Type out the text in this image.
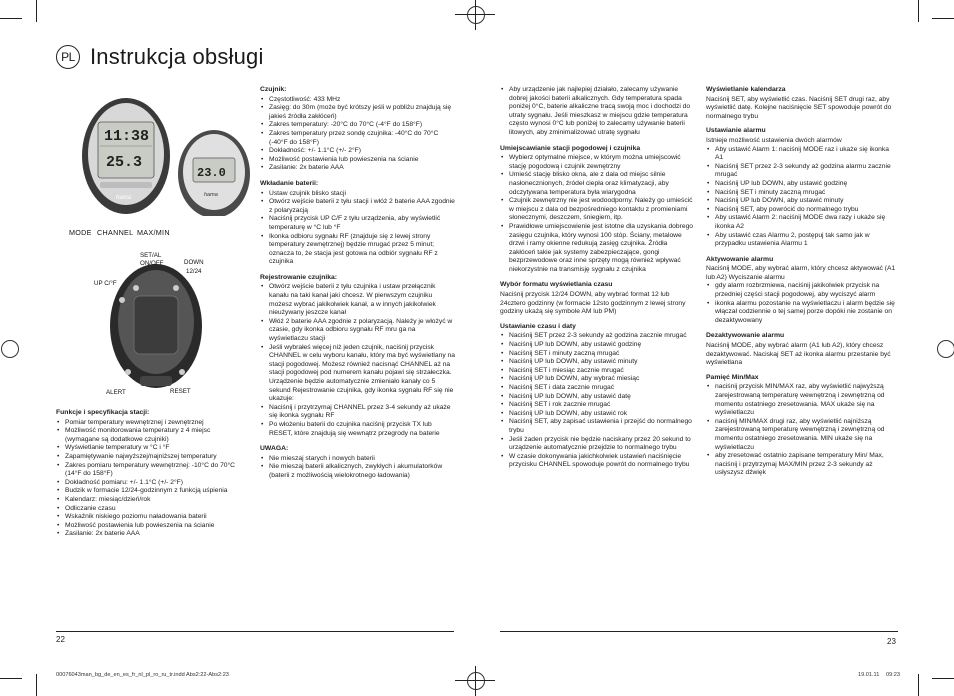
PL Instrukcja obsługi
11:38
25.3
hama
23.0
hama
MODE CHANNEL MAX/MIN
SET/AL
ON/OFF	DOWN
12/24
UP C/°F
ALERT	RESET
Funkcje i specyfikacja stacji:
• Pomiar temperatury wewnętrznej i zewnętrznej
• Możliwość monitorowania temperatury z 4 miejsc (wymagane są dodatkowe czujniki)
• Wyświetlanie temperatury w °C i °F
• Zapamiętywanie najwyższej/najniższej temperatury
• Zakres pomiaru temperatury wewnętrznej: -10°C do 70°C (14°F do 158°F)
• Dokładność pomiaru: +/- 1.1°C (+/- 2°F)
• Budzik w formacie 12/24-godzinnym z funkcją uśpienia
• Kalendarz: miesiąc/dzień/rok
• Odliczanie czasu
• Wskaźnik niskiego poziomu naładowania baterii
• Możliwość postawienia lub powieszenia na ścianie
• Zasilanie: 2x baterie AAA
Czujnik:
• Częstotliwość: 433 MHz
• Zasięg: do 30m (może być krótszy jeśli w pobliżu znajdują się jakieś źródła zakłóceń)
• Zakres temperatury: -20°C do 70°C (-4°F do 158°F)
• Zakres temperatury przez sondę czujnika: -40°C do 70°C (-40°F do 158°F)
• Dokładność: +/- 1.1°C (+/- 2°F)
• Możliwość postawienia lub powieszenia na ścianie
• Zasilanie: 2x baterie AAA
Wkładanie baterii:
• Ustaw czujnik blisko stacji
• Otwórz wejście baterii z tyłu stacji i włóż 2 baterie AAA zgodnie z polaryzacją
• Naciśnij przycisk UP C/F z tyłu urządzenia, aby wyświetlić temperaturę w °C lub °F
• Ikonka odbioru sygnału RF (znajduje się z lewej strony temperatury zewnętrznej) będzie mrugać przez 5 minut; oznacza to, że stacja jest gotowa na odbiór sygnału RF z czujnika
Rejestrowanie czujnika:
• Otwórz wejście baterii z tyłu czujnika i ustaw przełącznik kanału na taki kanał jaki chcesz. W pierwszym czujniku możesz wybrać jakikolwiek kanał, a w innych jakikolwiek nieużywany jeszcze kanał
• Włóż 2 baterie AAA zgodnie z polaryzacją. Należy je włożyć w czasie, gdy ikonka odbioru sygnału RF mru ga na wyświetlaczu stacji
• Jeśli wybrałeś więcej niż jeden czujnik, naciśnij przycisk CHANNEL w celu wyboru kanału, który ma być wyświetlany na stacji pogodowej. Możesz również nacisnąć CHANNEL aż na stacji pogodowej pod numerem kanału pojawi się strzałeczka. Urządzenie będzie automatycznie zmieniało kanały co 5 sekund Rejestrowanie czujnika, gdy ikonka sygnału RF się nie ukazuje:
• Naciśnij i przytrzymaj CHANNEL przez 3-4 sekundy aż ukaże się ikonka sygnału RF
• Po włożeniu baterii do czujnika naciśnij przycisk TX lub RESET, które znajdują się wewnątrz przegrody na baterie
UWAGA:
• Nie mieszaj starych i nowych baterii
• Nie mieszaj baterii alkalicznych, zwykłych i akumulatorków (baterii z możliwością wielokrotnego ładowania)
• Aby urządzenie jak najlepiej działało, zalecamy używanie dobrej jakości baterii alkalicznych. Gdy temperatura spada poniżej 0°C, baterie alkaliczne tracą swoją moc i dochodzi do utraty sygnału. Jeśli mieszkasz w miejscu gdzie temperatura często wynosi 0°C lub poniżej to zalecamy używanie baterii litowych, aby zminimalizować utratę sygnału
Umiejscawianie stacji pogodowej i czujnika
• Wybierz optymalne miejsce, w którym można umiejscowić stację pogodową i czujnik zewnętrzny
• Umieść stację blisko okna, ale z dala od miejsc silnie nasłonecznionych, źródeł ciepła oraz klimatyzacji, aby odczytywana temperatura była wiarygodna
• Czujnik zewnętrzny nie jest wodoodporny. Należy go umieścić w miejscu z dala od bezpośredniego kontaktu z promieniami słonecznymi, deszczem, śniegiem, itp.
• Prawidłowe umiejscowienie jest istotne dla uzyskania dobrego zasięgu czujnika, który wynosi 100 stóp. Ściany, metalowe drzwi i ramy okienne redukują zasięg czujnika. Źródła zakłóceń takie jak systemy zabezpieczające, gongi bezprzewodowe oraz inne sprzęty mogą również wpływać niekorzystnie na transmisję sygnału z czujnika
Wybór formatu wyświetlania czasu

Naciśnij przycisk 12/24 DOWN, aby wybrać format 12 lub 24czterо godzinny (w formacie 12sto godzinnym z lewej strony godziny ukażą się symbole AM lub PM)

Ustawianie czasu i daty
• Naciśnij SET przez 2-3 sekundy aż godzina zacznie mrugać
• Naciśnij UP lub DOWN, aby ustawić godzinę
• Naciśnij SET i minuty zaczną mrugać
• Naciśnij UP lub DOWN, aby ustawić minuty
• Naciśnij SET i miesiąc zacznie mrugać
• Naciśnij UP lub DOWN, aby wybrać miesiąc
• Naciśnij SET i data zacznie mrugać
• Naciśnij UP lub DOWN, aby ustawić datę
• Naciśnij SET i rok zacznie mrugać
• Naciśnij UP lub DOWN, aby ustawić rok
• Naciśnij SET, aby zapisać ustawienia i przejść do normalnego trybu
• Jeśli żaden przycisk nie będzie naciskany przez 20 sekund to urządzenie automatycznie przejdzie to normalnego trybu
• W czasie dokonywania jakichkolwiek ustawień naciśnięcie przycisku CHANNEL spowoduje powrót do normalnego trybu
Wyświetlanie kalendarza

Naciśnij SET, aby wyświetlić czas. Naciśnij SET drugi raz, aby wyświetlić datę. Kolejne naciśnięcie SET spowoduje powrót do normalnego trybu

Ustawianie alarmu
Istnieje możliwość ustawienia dwóch alarmów
• Aby ustawić Alarm 1: naciśnij MODE raz i ukaże się ikonka A1
• Naciśnij SET przez 2-3 sekundy aż godzina alarmu zacznie mrugać
• Naciśnij UP lub DOWN, aby ustawić godzinę
• Naciśnij SET i minuty zaczną mrugać
• Naciśnij UP lub DOWN, aby ustawić minuty
• Naciśnij SET, aby powrócić do normalnego trybu
• Aby ustawić Alarm 2: naciśnij MODE dwa razy i ukaże się ikonka A2
• Aby ustawić czas Alarmu 2, postępuj tak samo jak w przypadku ustawienia Alarmu 1
Aktywowanie alarmu
Naciśnij MODE, aby wybrać alarm, który chcesz aktywować (A1 lub A2) Wyciszanie alarmu
• gdy alarm rozbrzmiewa, naciśnij jakikolwiek przycisk na przedniej części stacji pogodowej, aby wyciszyć alarm
• ikonka alarmu pozostanie na wyświetlaczu i alarm będzie się włączał codziennie o tej samej porze dopóki nie zostanie on dezaktywowany
Dezaktywowanie alarmu

Naciśnij MODE, aby wybrać alarm (A1 lub A2), który chcesz dezaktywować. Naciskaj SET aż ikonka alarmu przestanie być wyświetlana

Pamięć Min/Max
• naciśnij przycisk MIN/MAX raz, aby wyświetlić najwyższą zarejestrowaną temperaturę wewnętrzną i zewnętrzną od momentu ostatniego zresetowania. MAX ukaże się na wyświetlaczu
• naciśnij MIN/MAX drugi raz, aby wyświetlić najniższą zarejestrowaną temperaturę wewnętrzną i zewnętrzną od momentu ostatniego zresetowania. MIN ukaże się na wyświetlaczu
• aby zresetować ostatnio zapisane temperatury Min/ Max, naciśnij i przytrzymaj MAX/MIN przez 2-3 sekundy aż usłyszysz dźwięk
22	23
00076043man_bg_de_en_es_fr_nl_pl_ro_ru_tr.indd Abs2:22-Abs2:23	19.01.11 09:23
